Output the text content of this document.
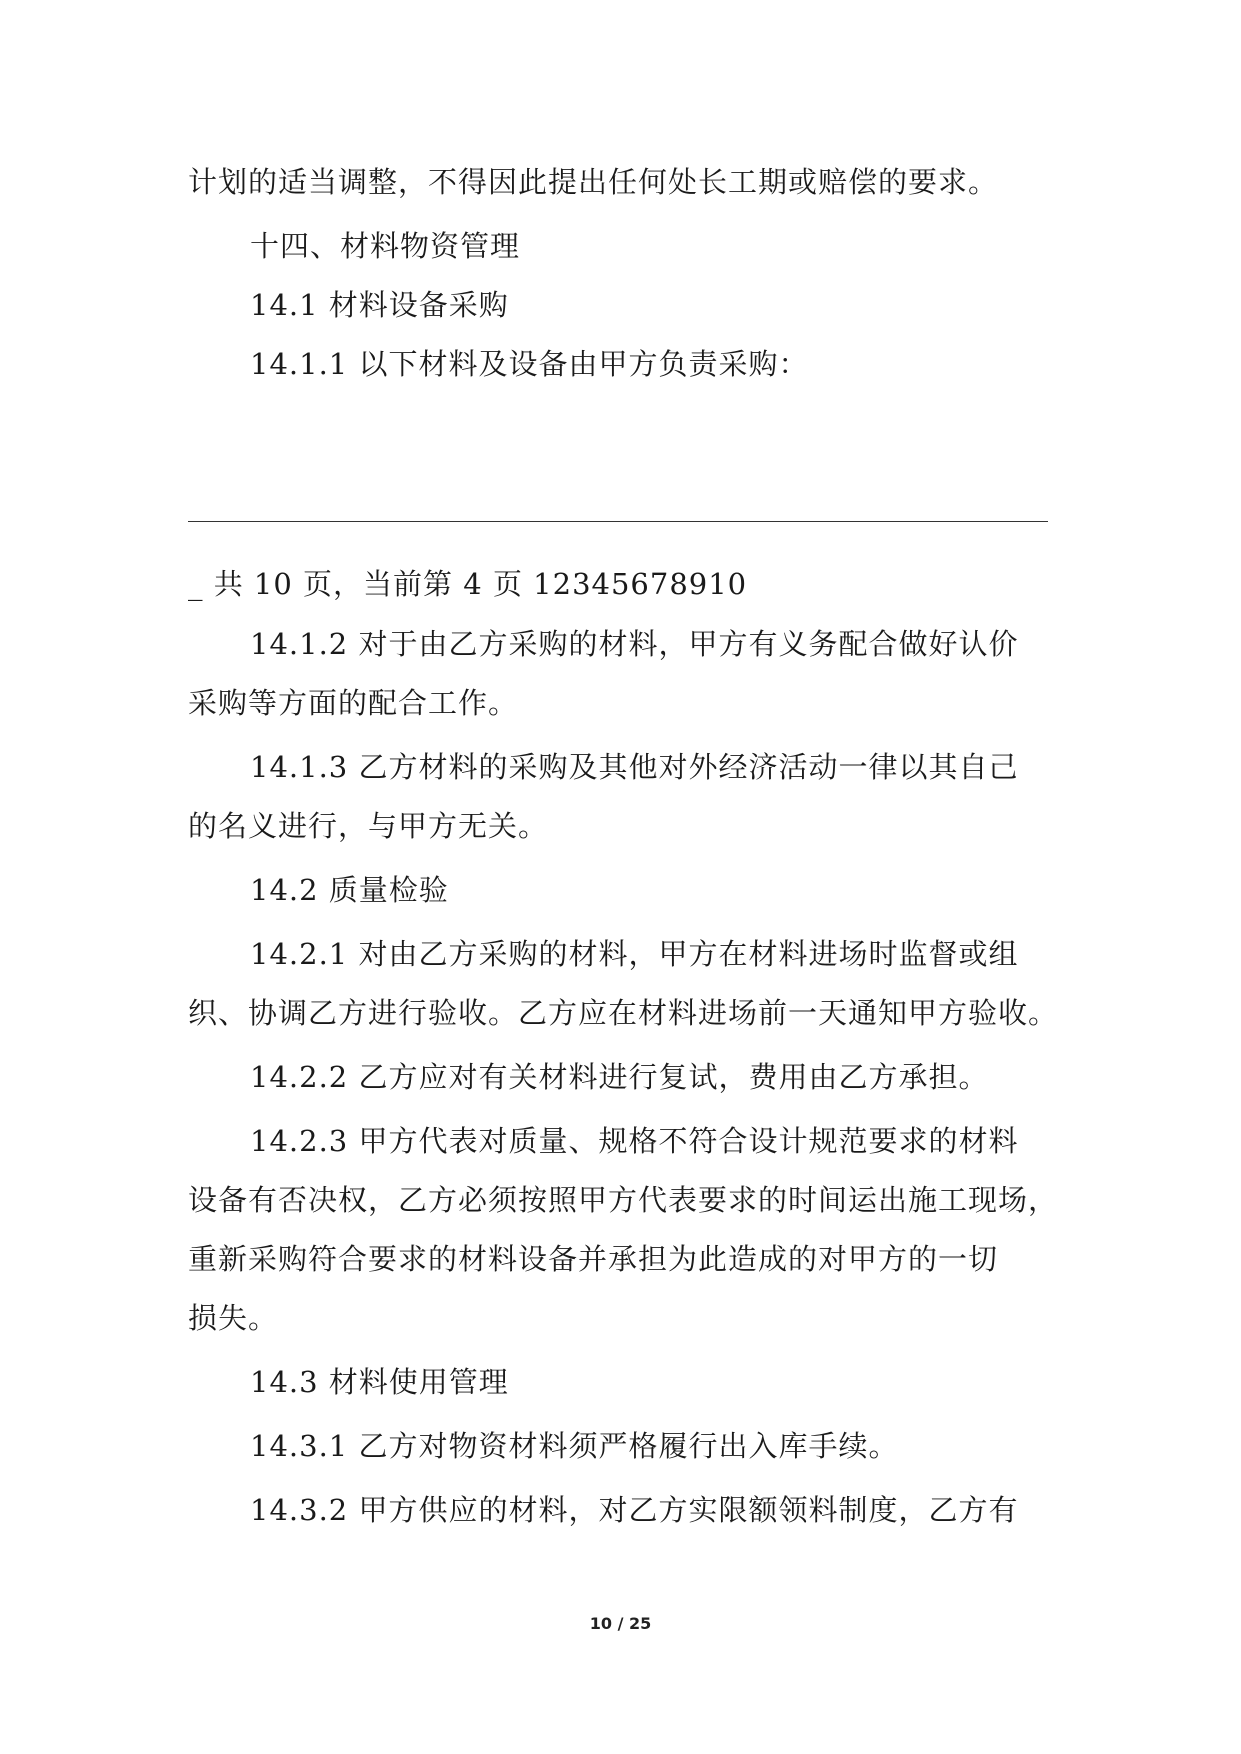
计划的适当调整，不得因此提出任何处长工期或赔偿的要求。
十四、材料物资管理
14.1 材料设备采购
14.1.1 以下材料及设备由甲方负责采购：
_ 共 10 页，当前第 4 页 12345678910
14.1.2 对于由乙方采购的材料，甲方有义务配合做好认价
采购等方面的配合工作。
14.1.3 乙方材料的采购及其他对外经济活动一律以其自己
的名义进行，与甲方无关。
14.2 质量检验
14.2.1 对由乙方采购的材料，甲方在材料进场时监督或组
织、协调乙方进行验收。乙方应在材料进场前一天通知甲方验收。
14.2.2 乙方应对有关材料进行复试，费用由乙方承担。
14.2.3 甲方代表对质量、规格不符合设计规范要求的材料
设备有否决权，乙方必须按照甲方代表要求的时间运出施工现场，
重新采购符合要求的材料设备并承担为此造成的对甲方的一切
损失。
14.3 材料使用管理
14.3.1 乙方对物资材料须严格履行出入库手续。
14.3.2 甲方供应的材料，对乙方实限额领料制度，乙方有
10 / 25
